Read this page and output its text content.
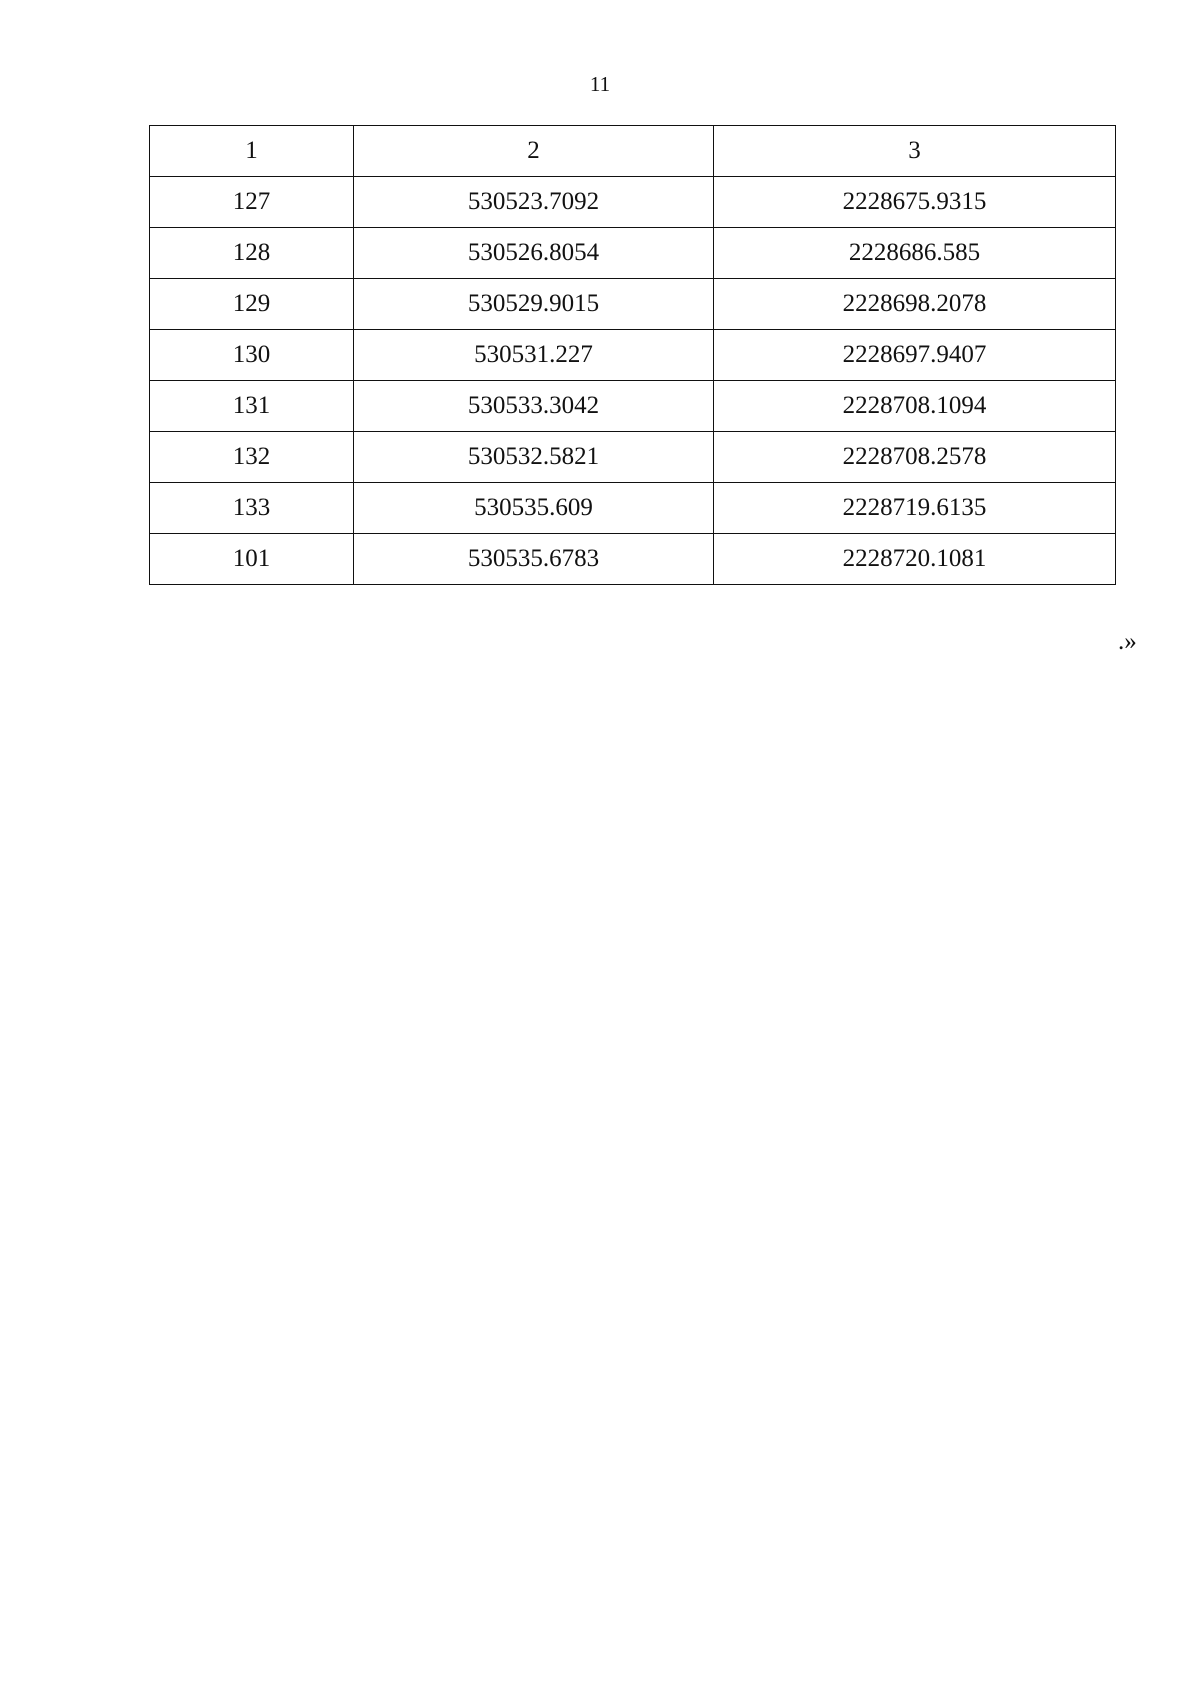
11
1	2	3
127	530523.7092	2228675.9315
128	530526.8054	2228686.585
129	530529.9015	2228698.2078
130	530531.227	2228697.9407
131	530533.3042	2228708.1094
132	530532.5821	2228708.2578
133	530535.609	2228719.6135
101	530535.6783	2228720.1081
.»
